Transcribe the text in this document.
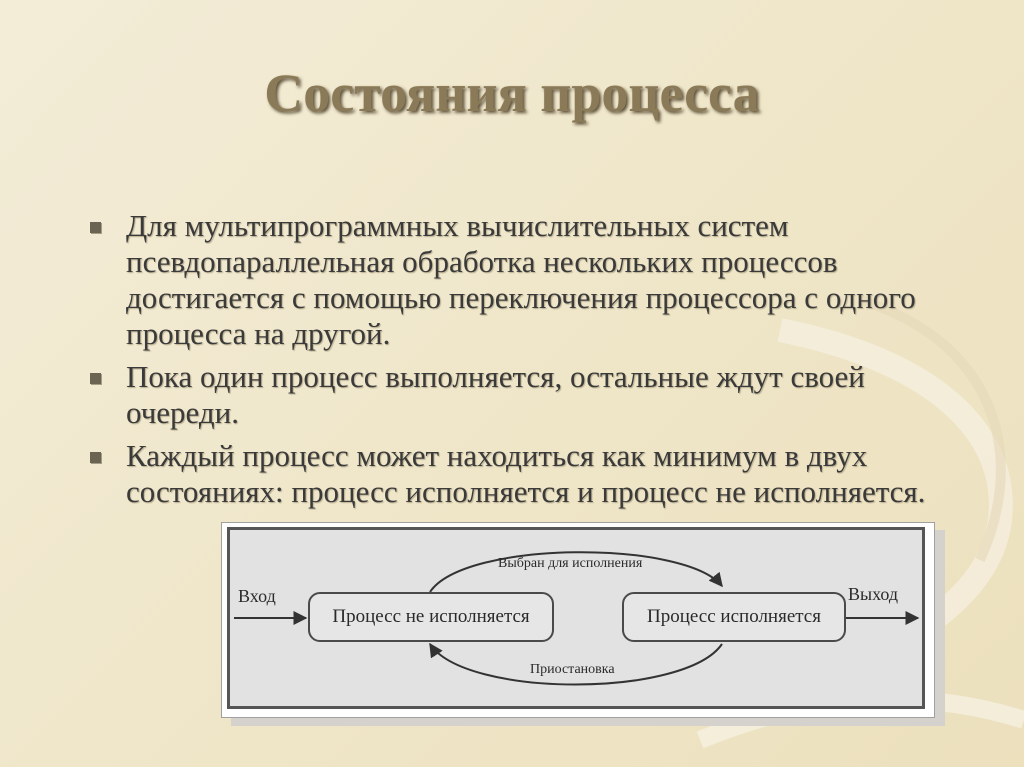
Состояния процесса
Для мультипрограммных вычислительных систем псевдопараллельная обработка нескольких процессов достигается с помощью переключения процессора с одного процесса на другой.
Пока один процесс выполняется, остальные ждут своей очереди.
Каждый процесс может находиться как минимум в двух состояниях: процесс исполняется и процесс не исполняется.
Процесс не исполняется	Процесс исполняется
Вход	Выход
Выбран для исполнения
Приостановка
